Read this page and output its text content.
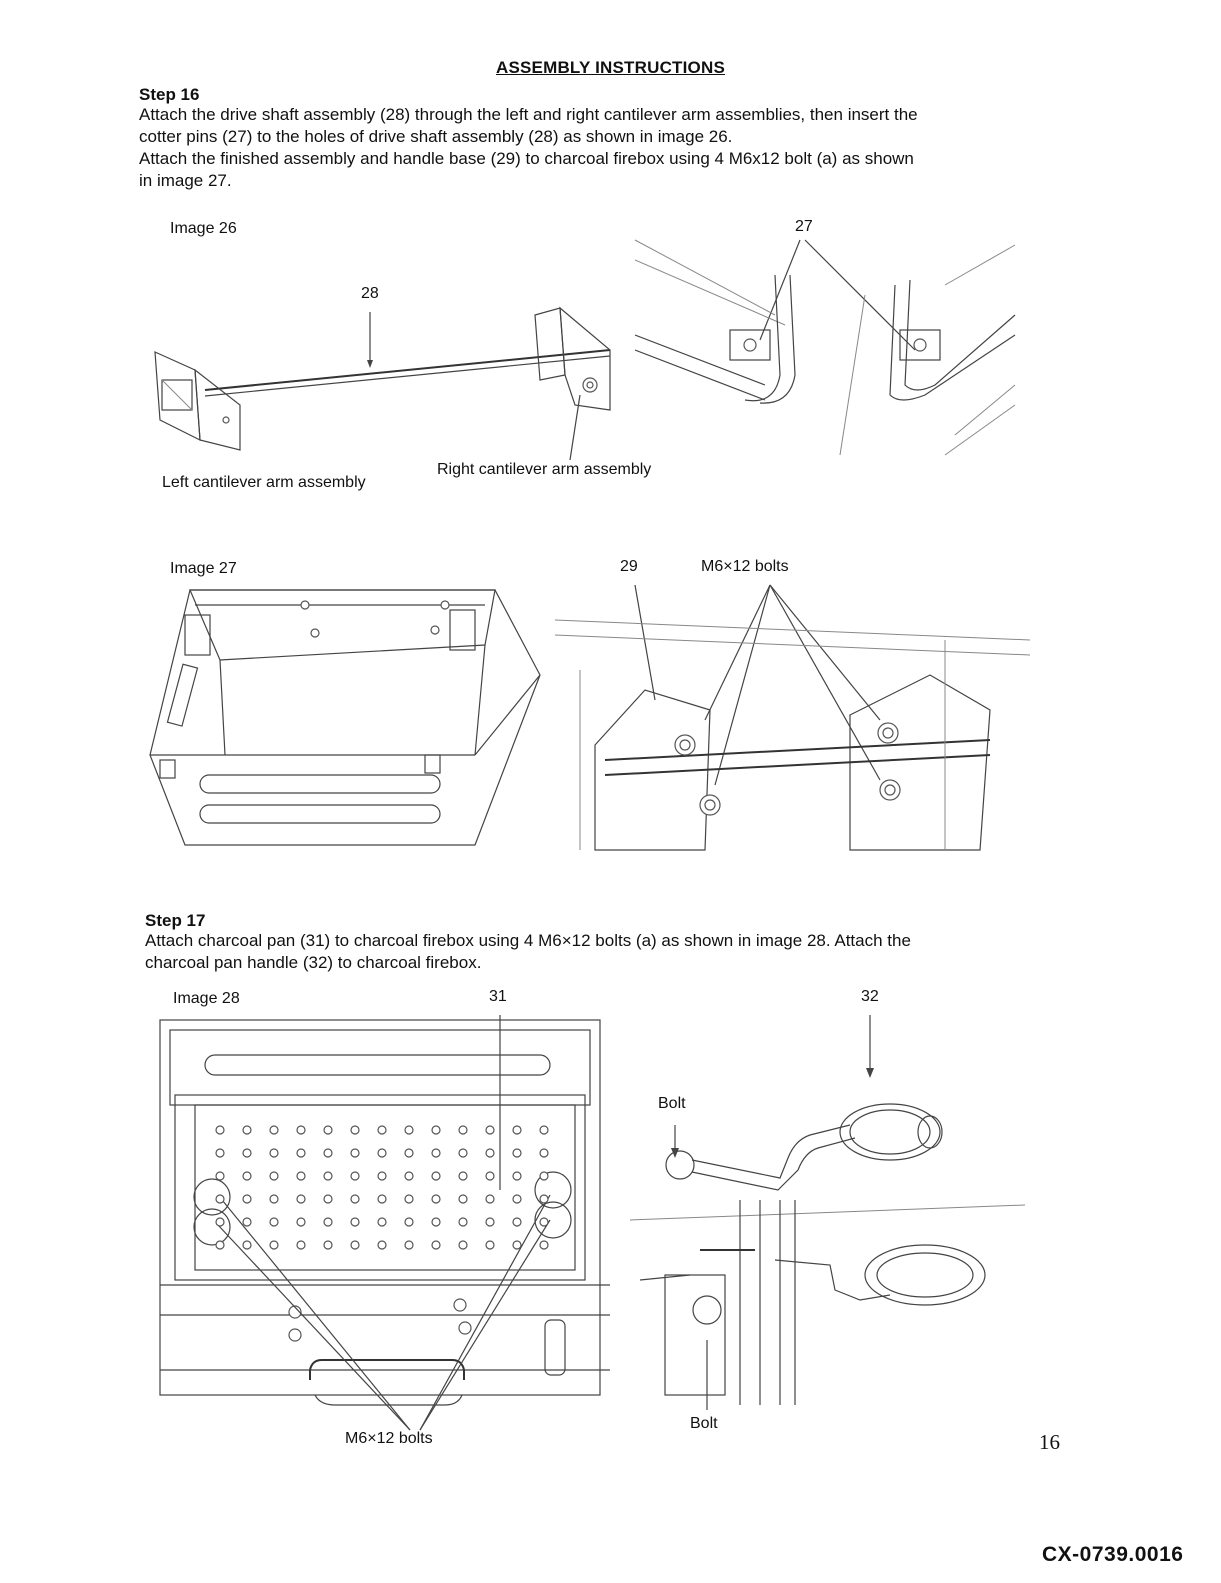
ASSEMBLY INSTRUCTIONS
Step 16
Attach the drive shaft assembly (28) through the left and right cantilever arm assemblies, then insert the
cotter pins (27) to the holes of drive shaft assembly (28) as shown in image 26.
Attach the finished assembly and handle base (29) to charcoal firebox using 4 M6x12 bolt (a) as shown
in image 27.
Image 26
28
27
Left cantilever arm assembly
Right cantilever arm assembly
Image 27	29	M6×12 bolts
Step 17
Attach charcoal pan (31) to charcoal firebox using 4 M6×12 bolts (a) as shown in image 28. Attach the
charcoal pan handle (32) to charcoal firebox.
Image 28	31	32
Bolt
Bolt
M6×12 bolts	16
CX-0739.0016
